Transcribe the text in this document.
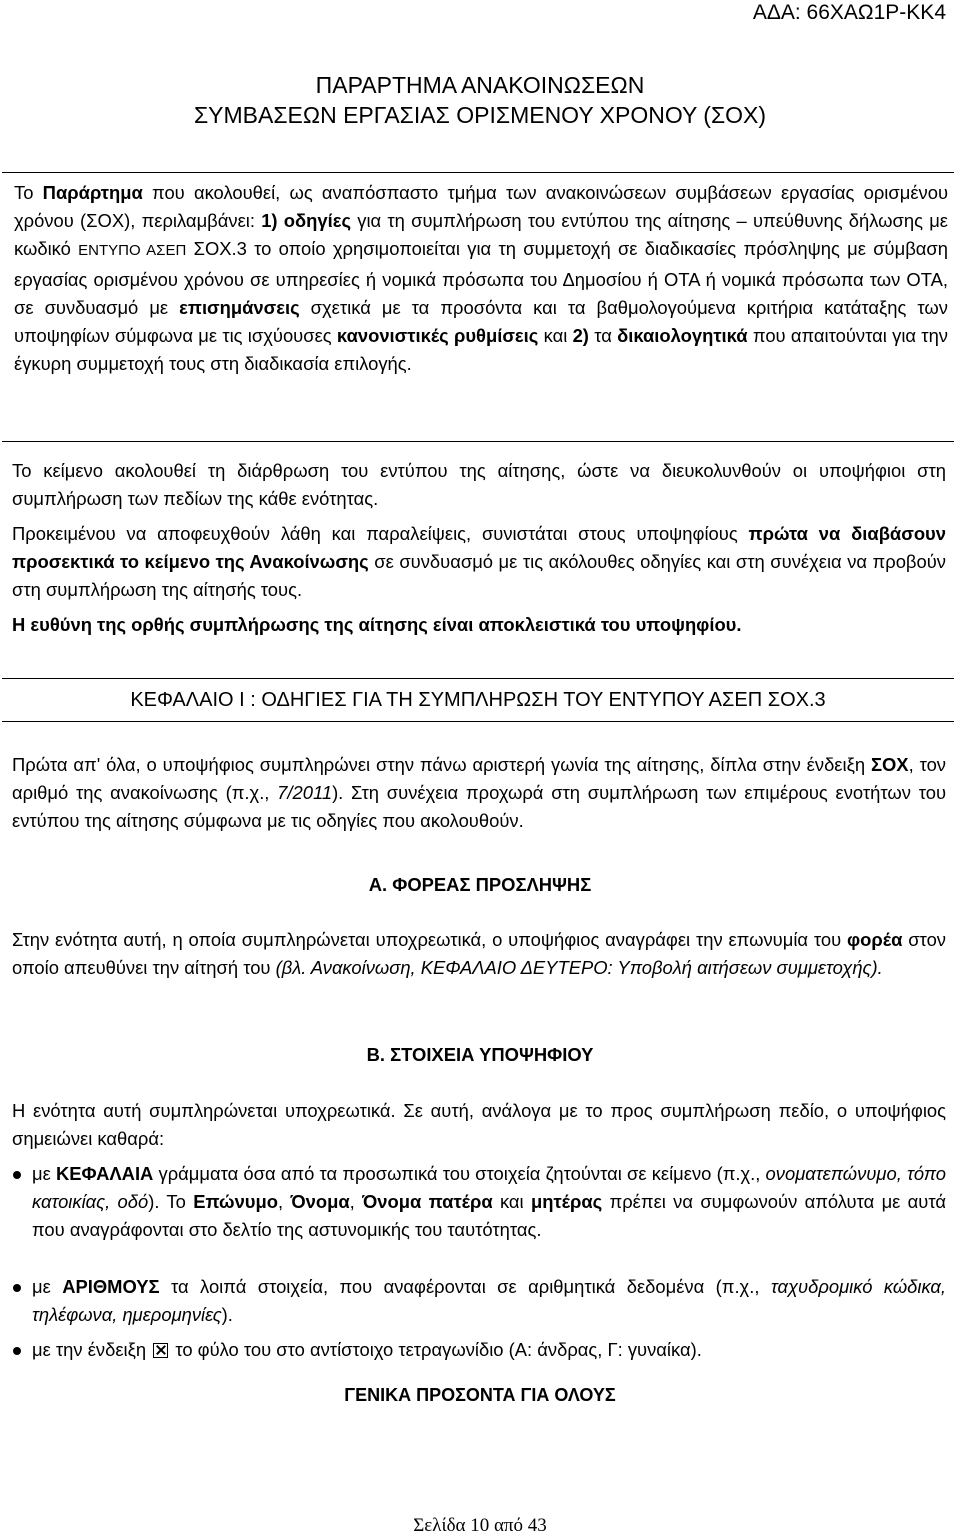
ΑΔΑ: 66ΧΑΩ1Ρ-ΚΚ4
ΠΑΡΑΡΤΗΜΑ ΑΝΑΚΟΙΝΩΣΕΩΝ
ΣΥΜΒΑΣΕΩΝ ΕΡΓΑΣΙΑΣ ΟΡΙΣΜΕΝΟΥ ΧΡΟΝΟΥ (ΣΟΧ)

Το Παράρτημα που ακολουθεί, ως αναπόσπαστο τμήμα των ανακοινώσεων συμβάσεων εργασίας ορισμένου χρόνου (ΣΟΧ), περιλαμβάνει: 1) οδηγίες για τη συμπλήρωση του εντύπου της αίτησης – υπεύθυνης δήλωσης με κωδικό ΕΝΤΥΠΟ ΑΣΕΠ ΣΟΧ.3 το οποίο χρησιμοποιείται για τη συμμετοχή σε διαδικασίες πρόσληψης με σύμβαση εργασίας ορισμένου χρόνου σε υπηρεσίες ή νομικά πρόσωπα του Δημοσίου ή ΟΤΑ ή νομικά πρόσωπα των ΟΤΑ, σε συνδυασμό με επισημάνσεις σχετικά με τα προσόντα και τα βαθμολογούμενα κριτήρια κατάταξης των υποψηφίων σύμφωνα με τις ισχύουσες κανονιστικές ρυθμίσεις και 2) τα δικαιολογητικά που απαιτούνται για την έγκυρη συμμετοχή τους στη διαδικασία επιλογής.

Το κείμενο ακολουθεί τη διάρθρωση του εντύπου της αίτησης, ώστε να διευκολυνθούν οι υποψήφιοι στη συμπλήρωση των πεδίων της κάθε ενότητας.

Προκειμένου να αποφευχθούν λάθη και παραλείψεις, συνιστάται στους υποψηφίους πρώτα να διαβάσουν προσεκτικά το κείμενο της Ανακοίνωσης σε συνδυασμό με τις ακόλουθες οδηγίες και στη συνέχεια να προβούν στη συμπλήρωση της αίτησής τους.

Η ευθύνη της ορθής συμπλήρωσης της αίτησης είναι αποκλειστικά του υποψηφίου.

ΚΕΦΑΛΑΙΟ Ι : ΟΔΗΓΙΕΣ ΓΙΑ ΤΗ ΣΥΜΠΛΗΡΩΣΗ ΤΟΥ ΕΝΤΥΠΟΥ ΑΣΕΠ ΣΟΧ.3

Πρώτα απ' όλα, ο υποψήφιος συμπληρώνει στην πάνω αριστερή γωνία της αίτησης, δίπλα στην ένδειξη ΣΟΧ, τον αριθμό της ανακοίνωσης (π.χ., 7/2011). Στη συνέχεια προχωρά στη συμπλήρωση των επιμέρους ενοτήτων του εντύπου της αίτησης σύμφωνα με τις οδηγίες που ακολουθούν.

Α. ΦΟΡΕΑΣ ΠΡΟΣΛΗΨΗΣ

Στην ενότητα αυτή, η οποία συμπληρώνεται υποχρεωτικά, ο υποψήφιος αναγράφει την επωνυμία του φορέα στον οποίο απευθύνει την αίτησή του (βλ. Ανακοίνωση, ΚΕΦΑΛΑΙΟ ΔΕΥΤΕΡΟ: Υποβολή αιτήσεων συμμετοχής).

Β. ΣΤΟΙΧΕΙΑ ΥΠΟΨΗΦΙΟΥ

Η ενότητα αυτή συμπληρώνεται υποχρεωτικά. Σε αυτή, ανάλογα με το προς συμπλήρωση πεδίο, ο υποψήφιος σημειώνει καθαρά:

με ΚΕΦΑΛΑΙΑ γράμματα όσα από τα προσωπικά του στοιχεία ζητούνται σε κείμενο (π.χ., ονοματεπώνυμο, τόπο κατοικίας, οδό). Το Επώνυμο, Όνομα, Όνομα πατέρα και μητέρας πρέπει να συμφωνούν απόλυτα με αυτά που αναγράφονται στο δελτίο της αστυνομικής του ταυτότητας.
με ΑΡΙΘΜΟΥΣ τα λοιπά στοιχεία, που αναφέρονται σε αριθμητικά δεδομένα (π.χ., ταχυδρομικό κώδικα, τηλέφωνα, ημερομηνίες).
με την ένδειξη  το φύλο του στο αντίστοιχο τετραγωνίδιο (Α: άνδρας, Γ: γυναίκα).
ΓΕΝΙΚΑ ΠΡΟΣΟΝΤΑ ΓΙΑ ΟΛΟΥΣ
Σελίδα 10 από 43
